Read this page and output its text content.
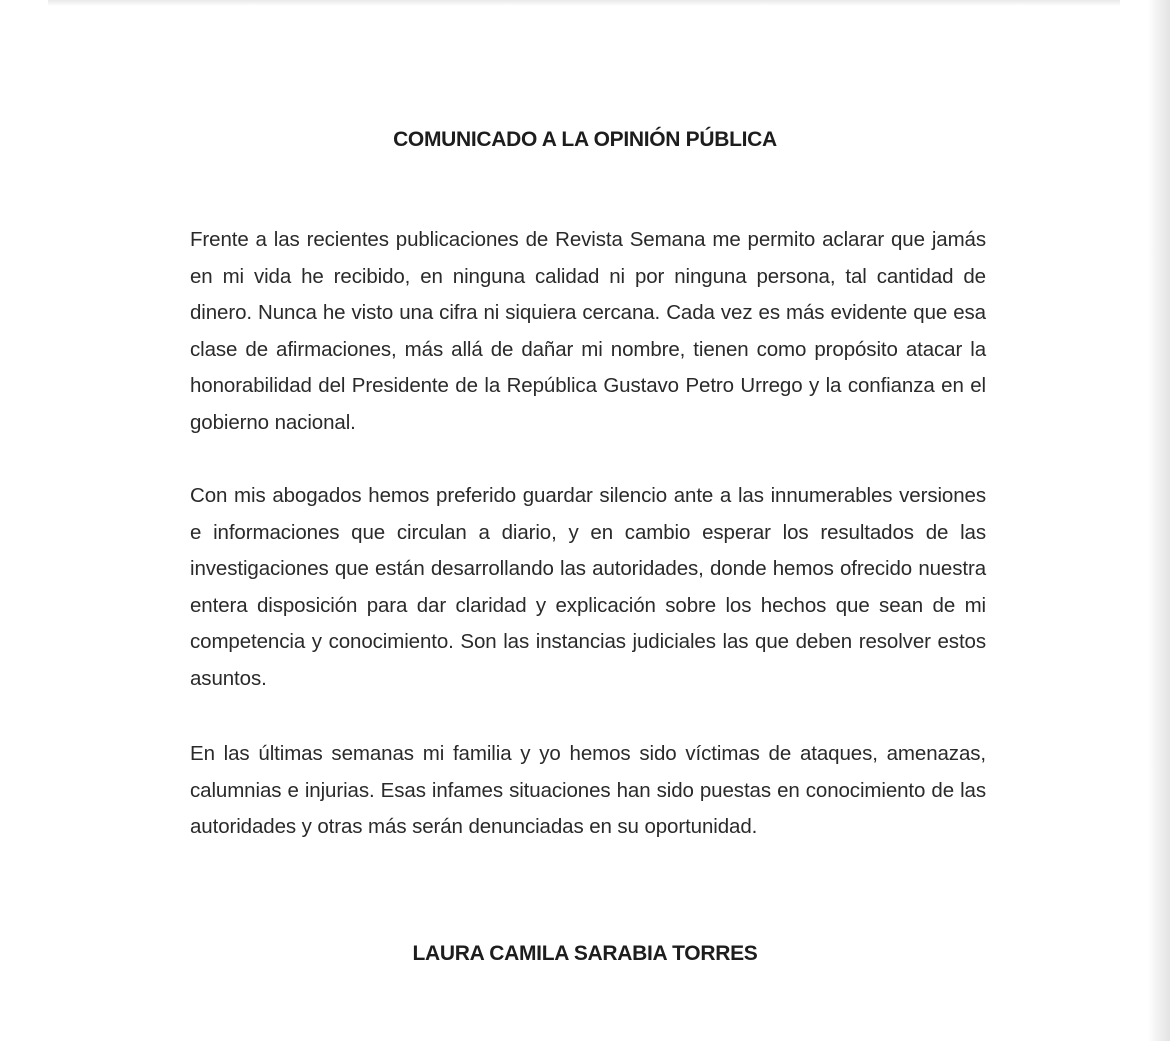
COMUNICADO A LA OPINIÓN PÚBLICA
Frente a las recientes publicaciones de Revista Semana me permito aclarar que jamás en mi vida he recibido, en ninguna calidad ni por ninguna persona, tal cantidad de dinero. Nunca he visto una cifra ni siquiera cercana. Cada vez es más evidente que esa clase de afirmaciones, más allá de dañar mi nombre, tienen como propósito atacar la honorabilidad del Presidente de la República Gustavo Petro Urrego y la confianza en el gobierno nacional.
Con mis abogados hemos preferido guardar silencio ante a las innumerables versiones e informaciones que circulan a diario, y en cambio esperar los resultados de las investigaciones que están desarrollando las autoridades, donde hemos ofrecido nuestra entera disposición para dar claridad y explicación sobre los hechos que sean de mi competencia y conocimiento. Son las instancias judiciales las que deben resolver estos asuntos.
En las últimas semanas mi familia y yo hemos sido víctimas de ataques, amenazas, calumnias e injurias. Esas infames situaciones han sido puestas en conocimiento de las autoridades y otras más serán denunciadas en su oportunidad.
LAURA CAMILA SARABIA TORRES
